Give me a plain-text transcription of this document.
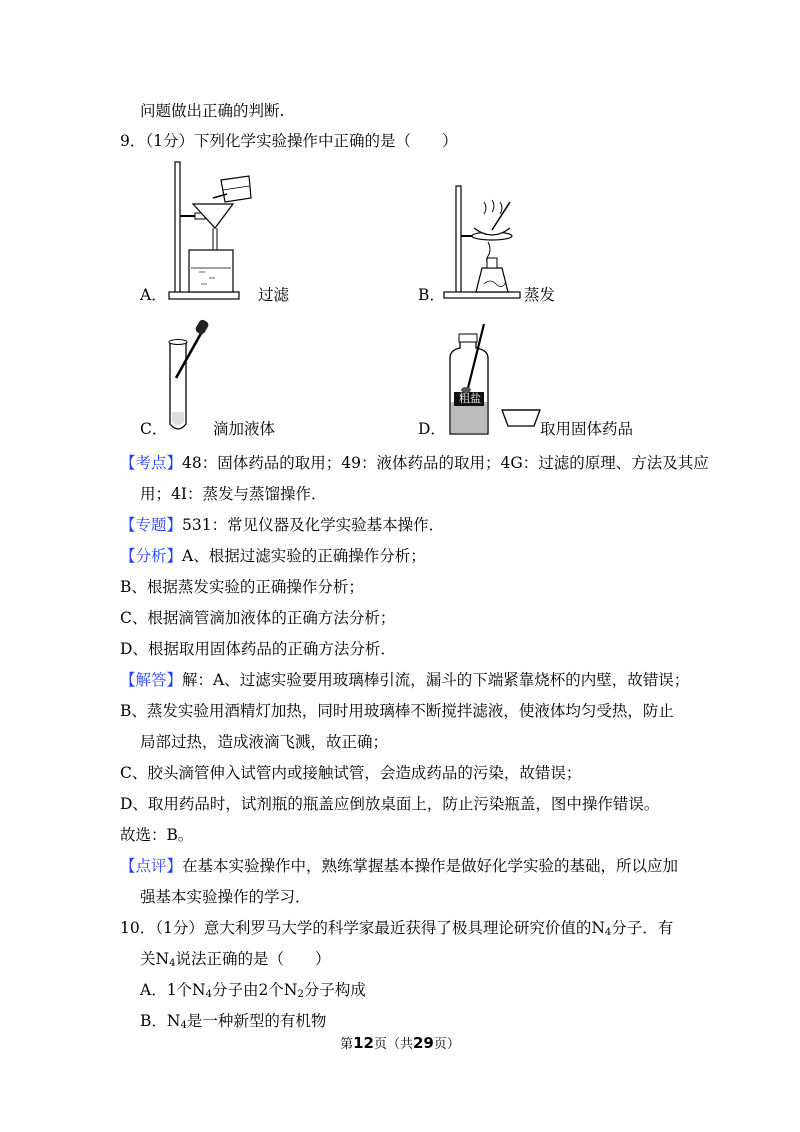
问题做出正确的判断.
9．（1分）下列化学实验操作中正确的是（　　）
A．	过滤	B．	蒸发
C．	滴加液体
粗盐
D．	取用固体药品
【考点】48：固体药品的取用；49：液体药品的取用；4G：过滤的原理、方法及其应
用；4I：蒸发与蒸馏操作．
【专题】531：常见仪器及化学实验基本操作．
【分析】A、根据过滤实验的正确操作分析；
B、根据蒸发实验的正确操作分析；
C、根据滴管滴加液体的正确方法分析；
D、根据取用固体药品的正确方法分析．
【解答】解：A、过滤实验要用玻璃棒引流，漏斗的下端紧靠烧杯的内壁，故错误；
B、蒸发实验用酒精灯加热，同时用玻璃棒不断搅拌滤液，使液体均匀受热，防止
局部过热，造成液滴飞溅，故正确；
C、胶头滴管伸入试管内或接触试管，会造成药品的污染，故错误；
D、取用药品时，试剂瓶的瓶盖应倒放桌面上，防止污染瓶盖，图中操作错误。
故选：B。
【点评】在基本实验操作中，熟练掌握基本操作是做好化学实验的基础，所以应加
强基本实验操作的学习．
10．（1分）意大利罗马大学的科学家最近获得了极具理论研究价值的$N_4$分子．有
关$N_4$说法正确的是（　　）
A．1个$N_4$分子由2个$N_2$分子构成
B．$N_4$是一种新型的有机物
第12页（共29页）
